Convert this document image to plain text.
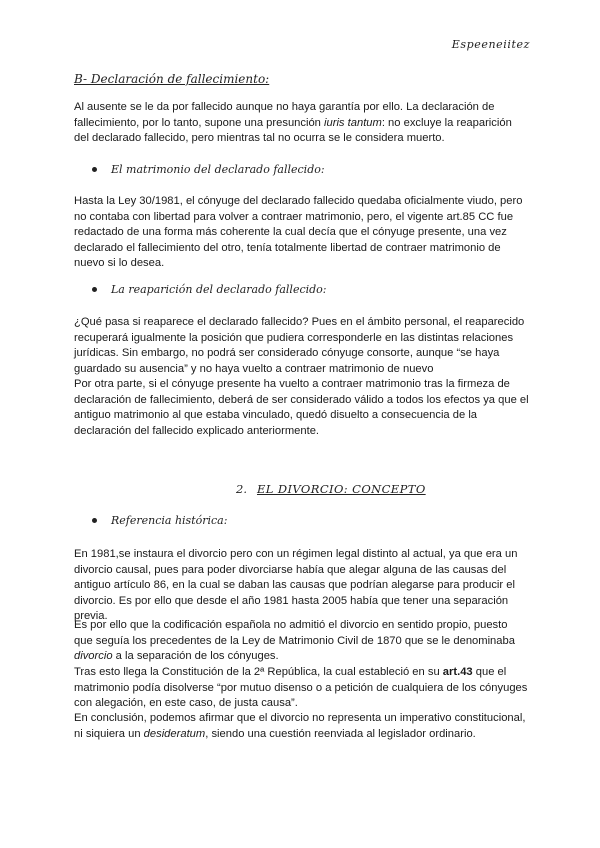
Espeeneiitez
B- Declaración de fallecimiento:

Al ausente se le da por fallecido aunque no haya garantía por ello. La declaración de fallecimiento, por lo tanto, supone una presunción iuris tantum: no excluye la reaparición del declarado fallecido, pero mientras tal no ocurra se le considera muerto.

El matrimonio del declarado fallecido:

Hasta la Ley 30/1981, el cónyuge del declarado fallecido quedaba oficialmente viudo, pero no contaba con libertad para volver a contraer matrimonio, pero, el vigente art.85 CC fue redactado de una forma más coherente la cual decía que el cónyuge presente, una vez declarado el fallecimiento del otro, tenía totalmente libertad de contraer matrimonio de nuevo si lo desea.

La reaparición del declarado fallecido:

¿Qué pasa si reaparece el declarado fallecido? Pues en el ámbito personal, el reaparecido recuperará igualmente la posición que pudiera corresponderle en las distintas relaciones jurídicas. Sin embargo, no podrá ser considerado cónyuge consorte, aunque “se haya guardado su ausencia” y no haya vuelto a contraer matrimonio de nuevo

Por otra parte, si el cónyuge presente ha vuelto a contraer matrimonio tras la firmeza de declaración de fallecimiento, deberá de ser considerado válido a todos los efectos ya que el antiguo matrimonio al que estaba vinculado, quedó disuelto a consecuencia de la declaración del fallecido explicado anteriormente.

2. EL DIVORCIO: CONCEPTO
Referencia histórica:

En 1981,se instaura el divorcio pero con un régimen legal distinto al actual, ya que era un divorcio causal, pues para poder divorciarse había que alegar alguna de las causas del antiguo artículo 86, en la cual se daban las causas que podrían alegarse para producir el divorcio. Es por ello que desde el año 1981 hasta 2005 había que tener una separación previa.

Es por ello que la codificación española no admitió el divorcio en sentido propio, puesto que seguía los precedentes de la Ley de Matrimonio Civil de 1870 que se le denominaba divorcio a la separación de los cónyuges.

Tras esto llega la Constitución de la 2ª República, la cual estableció en su art.43 que el matrimonio podía disolverse “por mutuo disenso o a petición de cualquiera de los cónyuges con alegación, en este caso, de justa causa”.

En conclusión, podemos afirmar que el divorcio no representa un imperativo constitucional, ni siquiera un desideratum, siendo una cuestión reenviada al legislador ordinario.
